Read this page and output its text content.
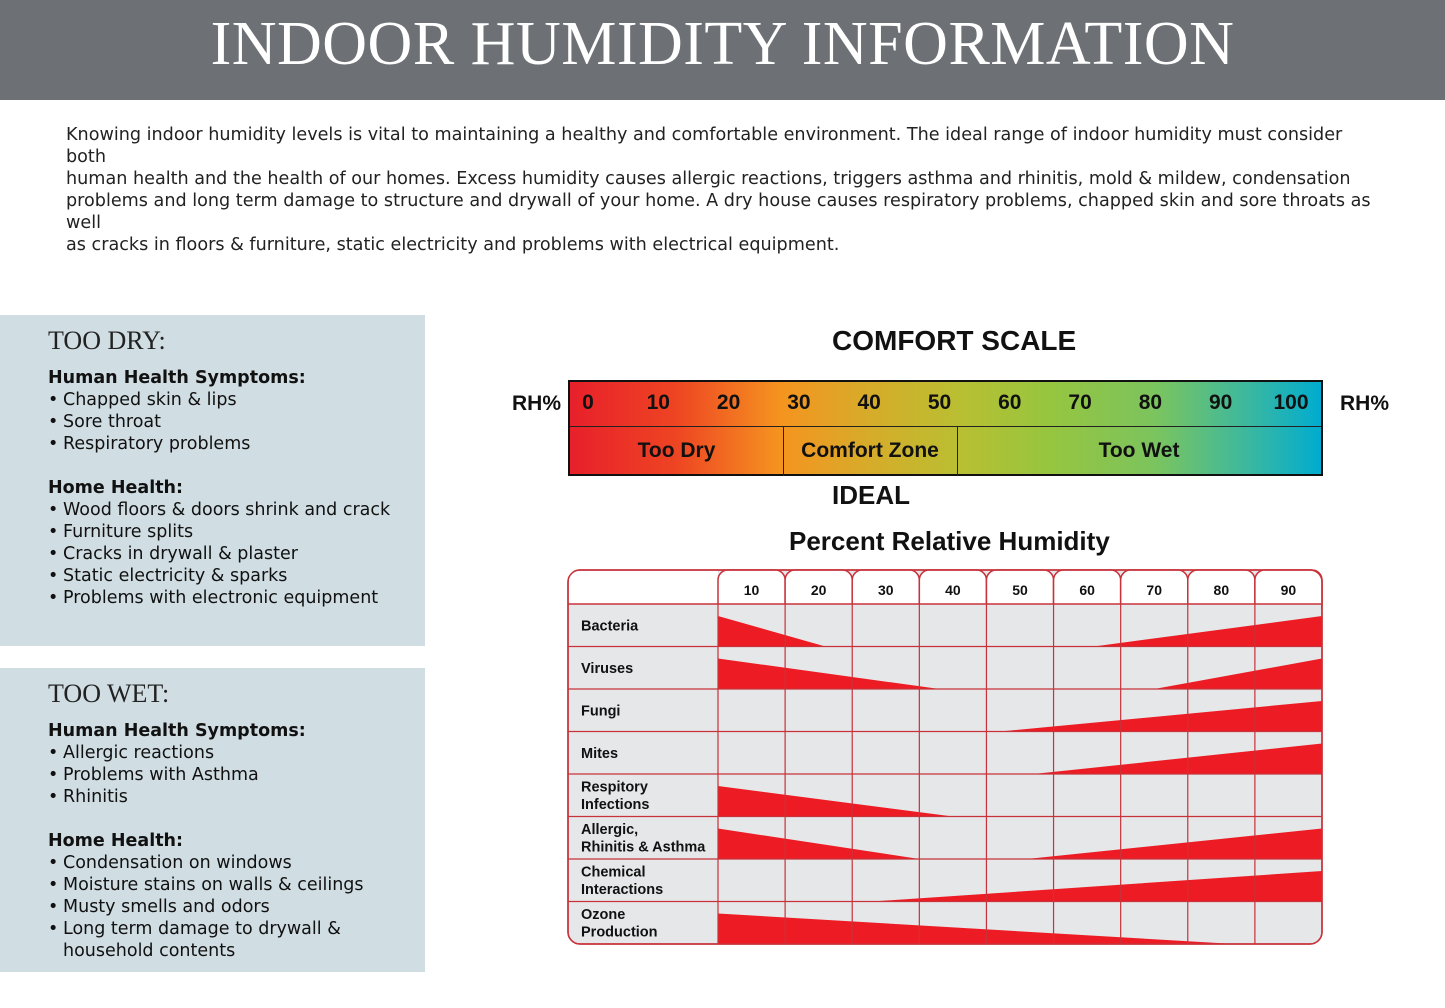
INDOOR HUMIDITY INFORMATION
Knowing indoor humidity levels is vital to maintaining a healthy and comfortable environment. The ideal range of indoor humidity must consider both
human health and the health of our homes. Excess humidity causes allergic reactions, triggers asthma and rhinitis, mold & mildew, condensation
problems and long term damage to structure and drywall of your home. A dry house causes respiratory problems, chapped skin and sore throats as well
as cracks in floors & furniture, static electricity and problems with electrical equipment.
TOO DRY:
Human Health Symptoms:
• Chapped skin & lips
• Sore throat
• Respiratory problems
Home Health:
• Wood floors & doors shrink and crack
• Furniture splits
• Cracks in drywall & plaster
• Static electricity & sparks
• Problems with electronic equipment
TOO WET:
Human Health Symptoms:
• Allergic reactions
• Problems with Asthma
• Rhinitis
Home Health:
• Condensation on windows
• Moisture stains on walls & ceilings
• Musty smells and odors
• Long term damage to drywall & household contents
COMFORT SCALE
RH%	RH%
0	10 20 30 40 50 60 70 80 90 100
Too Dry	Comfort Zone	Too Wet
IDEAL
Percent Relative Humidity
10	20	30	40	50	60	70	80	90
Bacteria
Viruses
Fungi
Mites
Respitory
Infections
Allergic,
Rhinitis & Asthma
Chemical
Interactions
Ozone
Production
